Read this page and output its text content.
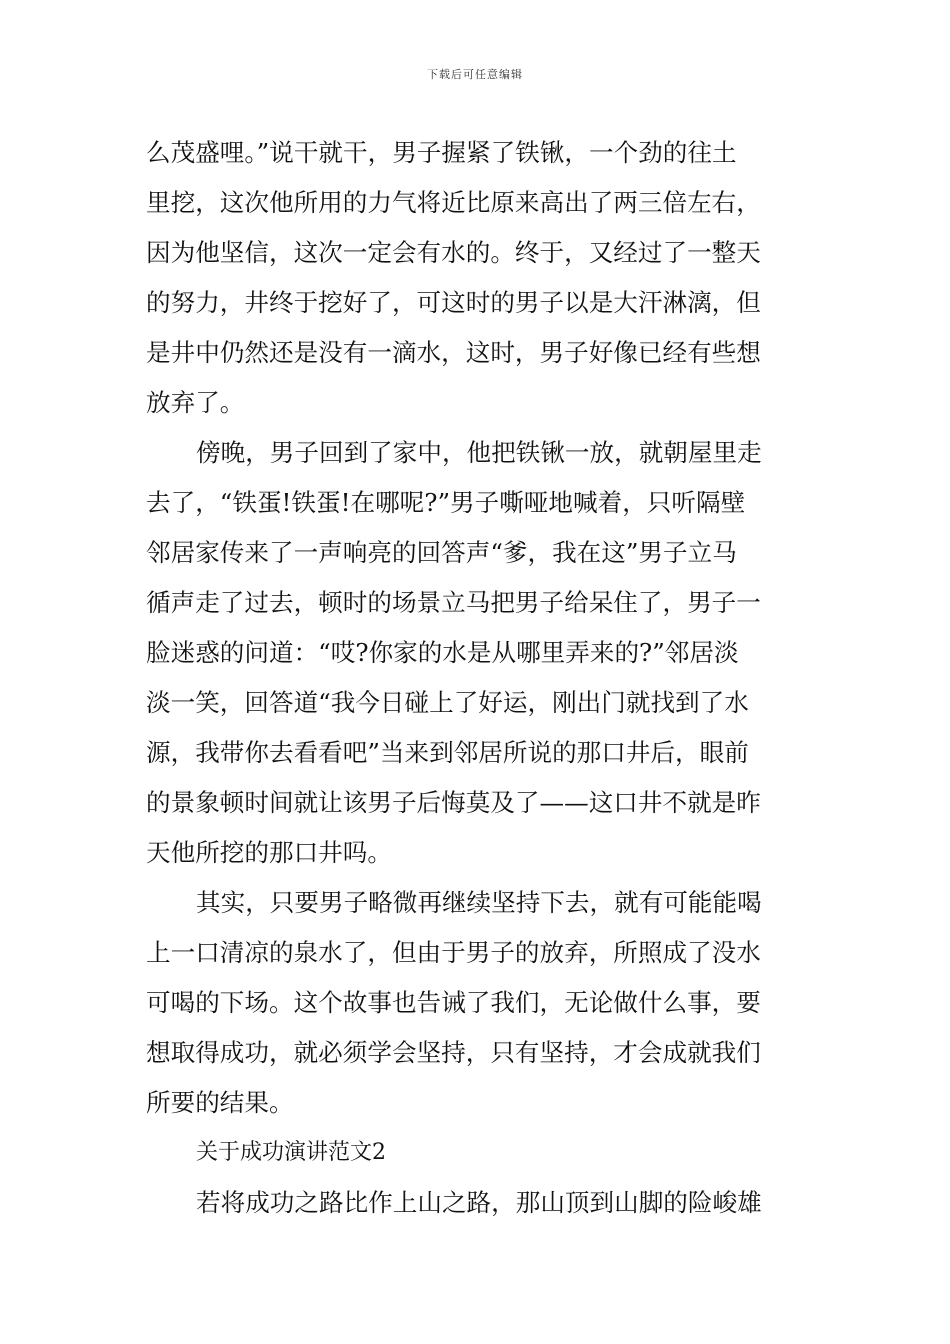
下载后可任意编辑
么茂盛哩。”说干就干，男子握紧了铁锹，一个劲的往土
里挖，这次他所用的力气将近比原来高出了两三倍左右，
因为他坚信，这次一定会有水的。终于，又经过了一整天
的努力，井终于挖好了，可这时的男子以是大汗淋漓，但
是井中仍然还是没有一滴水，这时，男子好像已经有些想
放弃了。
傍晚，男子回到了家中，他把铁锹一放，就朝屋里走
去了，“铁蛋!铁蛋!在哪呢?”男子嘶哑地喊着，只听隔壁
邻居家传来了一声响亮的回答声“爹，我在这”男子立马
循声走了过去，顿时的场景立马把男子给呆住了，男子一
脸迷惑的问道：“哎?你家的水是从哪里弄来的?”邻居淡
淡一笑，回答道“我今日碰上了好运，刚出门就找到了水
源，我带你去看看吧”当来到邻居所说的那口井后，眼前
的景象顿时间就让该男子后悔莫及了——这口井不就是昨
天他所挖的那口井吗。
其实，只要男子略微再继续坚持下去，就有可能能喝
上一口清凉的泉水了，但由于男子的放弃，所照成了没水
可喝的下场。这个故事也告诫了我们，无论做什么事，要
想取得成功，就必须学会坚持，只有坚持，才会成就我们
所要的结果。
关于成功演讲范文2
若将成功之路比作上山之路，那山顶到山脚的险峻雄
